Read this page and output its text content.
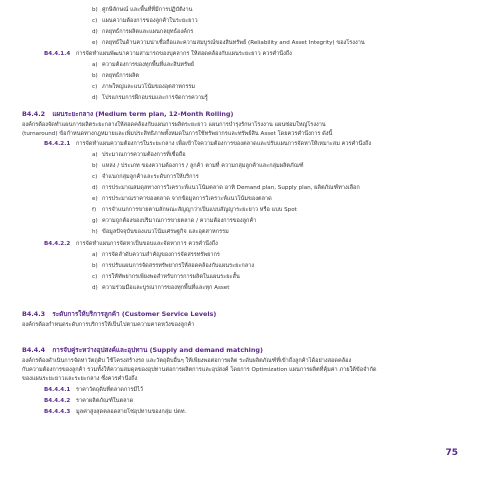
b) ศูกษีลักษณ์ และพื้นที่ที่มีการปฏิบัติงาน
c) แผนความต้องการของลูกค้าในระยะยาว
d) กลยุทธ์การผลิตและแผนกลยุทธ์องค์กร
e) กลยุทธ์ในด้านความน่าเชื่อถือและความสมบูรณ์ของสินทรัพย์ (Reliability and Asset Integrity) ของโรงงาน
B4.4.1.4 การจัดทำแผนพัฒนาความสามารถของบุคลากร ให้สอดคล้องกับแผนระยะยาว ควรคำนึงถึง
a) ความต้องการของทุกพื้นที่และสินทรัพย์
b) กลยุทธ์การผลิต
c) ภาพใหญ่และแนวโน้มของอุตสาหกรรม
d) โปรแกรมการฝึกอบรมและการจัดการความรู้
B4.4.2 แผนระยะกลาง (Medium term plan, 12-Month Rolling)
องค์กรต้องจัดทำแผนการผลิตระยะกลางให้สอดคล้องกับแผนการผลิตระยะยาว แผนการบำรุงรักษาโรงงาน แผนซ่อมใหญ่โรงงาน
(turnaround) ข้อกำหนดทางกฎหมายและเพิ่มประสิทธิภาพทั้งหมดในการใช้ทรัพยากรและทรัพย์สิน Asset โดยควรคำนึงการ ดังนี้
B4.4.2.1 การจัดทำแผนความต้องการในระยะกลาง เพื่อเข้าใจความต้องการของตลาดและปรับแผนการจัดหาให้เหมาะสม ควรคำนึงถึง
a) ประมาณการความต้องการที่เชื่อถือ
b) แหล่ง / ประเภท ของความต้องการ / ลูกค้า ตามที่ ความกลุ่มลูกค้าและกลุ่มผลิตภัณฑ์
c) จำแนกกลุ่มลูกค้าและระดับการให้บริการ
d) การประมาณสมดุลทางการวิเคราะห์แนวโน้มตลาด อาทิ Demand plan, Supply plan, ผลิตภัณฑ์ทางเลือก
e) การประมาณราคาของตลาด จากข้อมูลการวิเคราะห์แนวโน้มของตลาด
f) การจำแนกการขายตามลักษณะสัญญาว่าเป็นแบบสัญญาระยะยาว หรือ แบบ Spot
g) ความถูกต้องของปริมาณการขายตลาด / ความต้องการของลูกค้า
h) ข้อมูลปัจจุบันของแนวโน้มเศรษฐกิจ และอุตสาหกรรม
B4.4.2.2 การจัดทำแผนการจัดหาเป็นขอบและจัดหาการ ควรคำนึงถึง
a) การจัดลำดับความสำคัญของการจัดสรรทรัพยากร
b) การปรับแผนการจัดสรรทรัพยากรให้สอดคล้องกับแผนระยะกลาง
c) การให้ทัพยากรเพียงพอสำหรับการการผลิตในแผนระยะสั้น
d) ความร่วมมือและบูรณาการของทุกพื้นที่และทุก Asset
B4.4.3 ระดับการให้บริการลูกค้า (Customer Service Levels)
องค์กรต้องกำหนดระดับการบริการให้เป็นไปตามความคาดหวังของลูกค้า
B4.4.4 การจับคู่ระหว่างอุปสงค์และอุปทาน (Supply and demand matching)
องค์กรต้องดำเนินการจัดหาวัตถุดิบ ใช้โครงสร้างรถ และวัตถุดิบอื่นๆ ให้เพียงพอต่อการผลิต ระดับผลิตภัณฑ์ที่เข้าถึงลูกค้าได้อย่างสอดคล้อง
กับความต้องการของลูกค้า รวมทั้งให้ความสมดุลของอุปทานต่อการผลิตการและอุปสงค์ โดยการ Optimization แผนการผลิตที่คุ้มค่า ภายใต้ข้อจำกัด
ของแผนระยะยาวและระยะกลาง ซึ่งควรคำนึงถึง
B4.4.4.1 ราคาวัตถุดิบที่ตลาดการมีไว้
B4.4.4.2 ราคาผลิตภัณฑ์ในตลาด
B4.4.4.3 มูลค่าสูงสุดตลอดสายโซ่อุปทานของกลุ่ม ปตท.
75
